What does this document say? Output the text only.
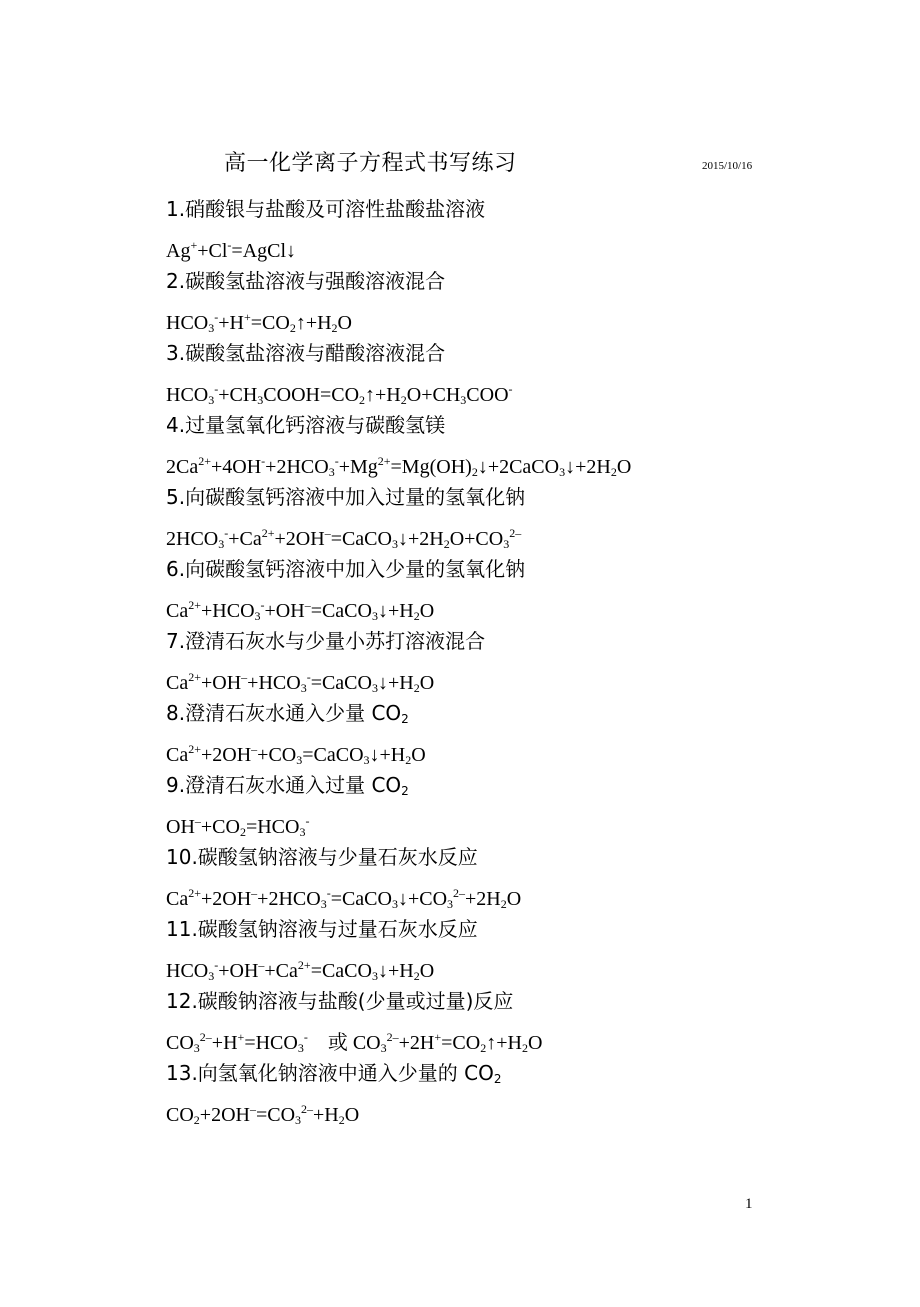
高一化学离子方程式书写练习	2015/10/16
1.硝酸银与盐酸及可溶性盐酸盐溶液
Ag++Cl-=AgCl↓
2.碳酸氢盐溶液与强酸溶液混合
$HCO_3^-+H^+=CO_2↑+H_2O$
3.碳酸氢盐溶液与醋酸溶液混合
$HCO_3^-+CH_3COOH=CO_2↑+H_2O+CH_3COO^-$
4.过量氢氧化钙溶液与碳酸氢镁
$2Ca^{2+}+4OH^-+2HCO_3^-+Mg^{2+}=Mg(OH)_2↓+2CaCO_3↓+2H_2O$
5.向碳酸氢钙溶液中加入过量的氢氧化钠
$2HCO_3^-+Ca^{2+}+2OH^-=CaCO_3↓+2H_2O+CO_3^{2-}$
6.向碳酸氢钙溶液中加入少量的氢氧化钠
$Ca^{2+}+HCO_3^-+OH^-=CaCO_3↓+H_2O$
7.澄清石灰水与少量小苏打溶液混合
$Ca^{2+}+OH^-+HCO_3^-=CaCO_3↓+H_2O$
8.澄清石灰水通入少量 $CO_2$
$Ca^{2+}+2OH^-+CO_3=CaCO_3↓+H_2O$
9.澄清石灰水通入过量 $CO_2$
$OH^-+CO_2=HCO_3^-$
10.碳酸氢钠溶液与少量石灰水反应
$Ca^{2+}+2OH^-+2HCO_3^-=CaCO_3↓+CO_3^{2-}+2H_2O$
11.碳酸氢钠溶液与过量石灰水反应
$HCO_3^-+OH^-+Ca^{2+}=CaCO_3↓+H_2O$
12.碳酸钠溶液与盐酸(少量或过量)反应
$CO_3^{2-}+H^+=HCO_3^-$    或 $CO_3^{2-}+2H^+=CO_2↑+H_2O$
13.向氢氧化钠溶液中通入少量的 $CO_2$
$CO_2+2OH^-=CO_3^{2-}+H_2O$
1
